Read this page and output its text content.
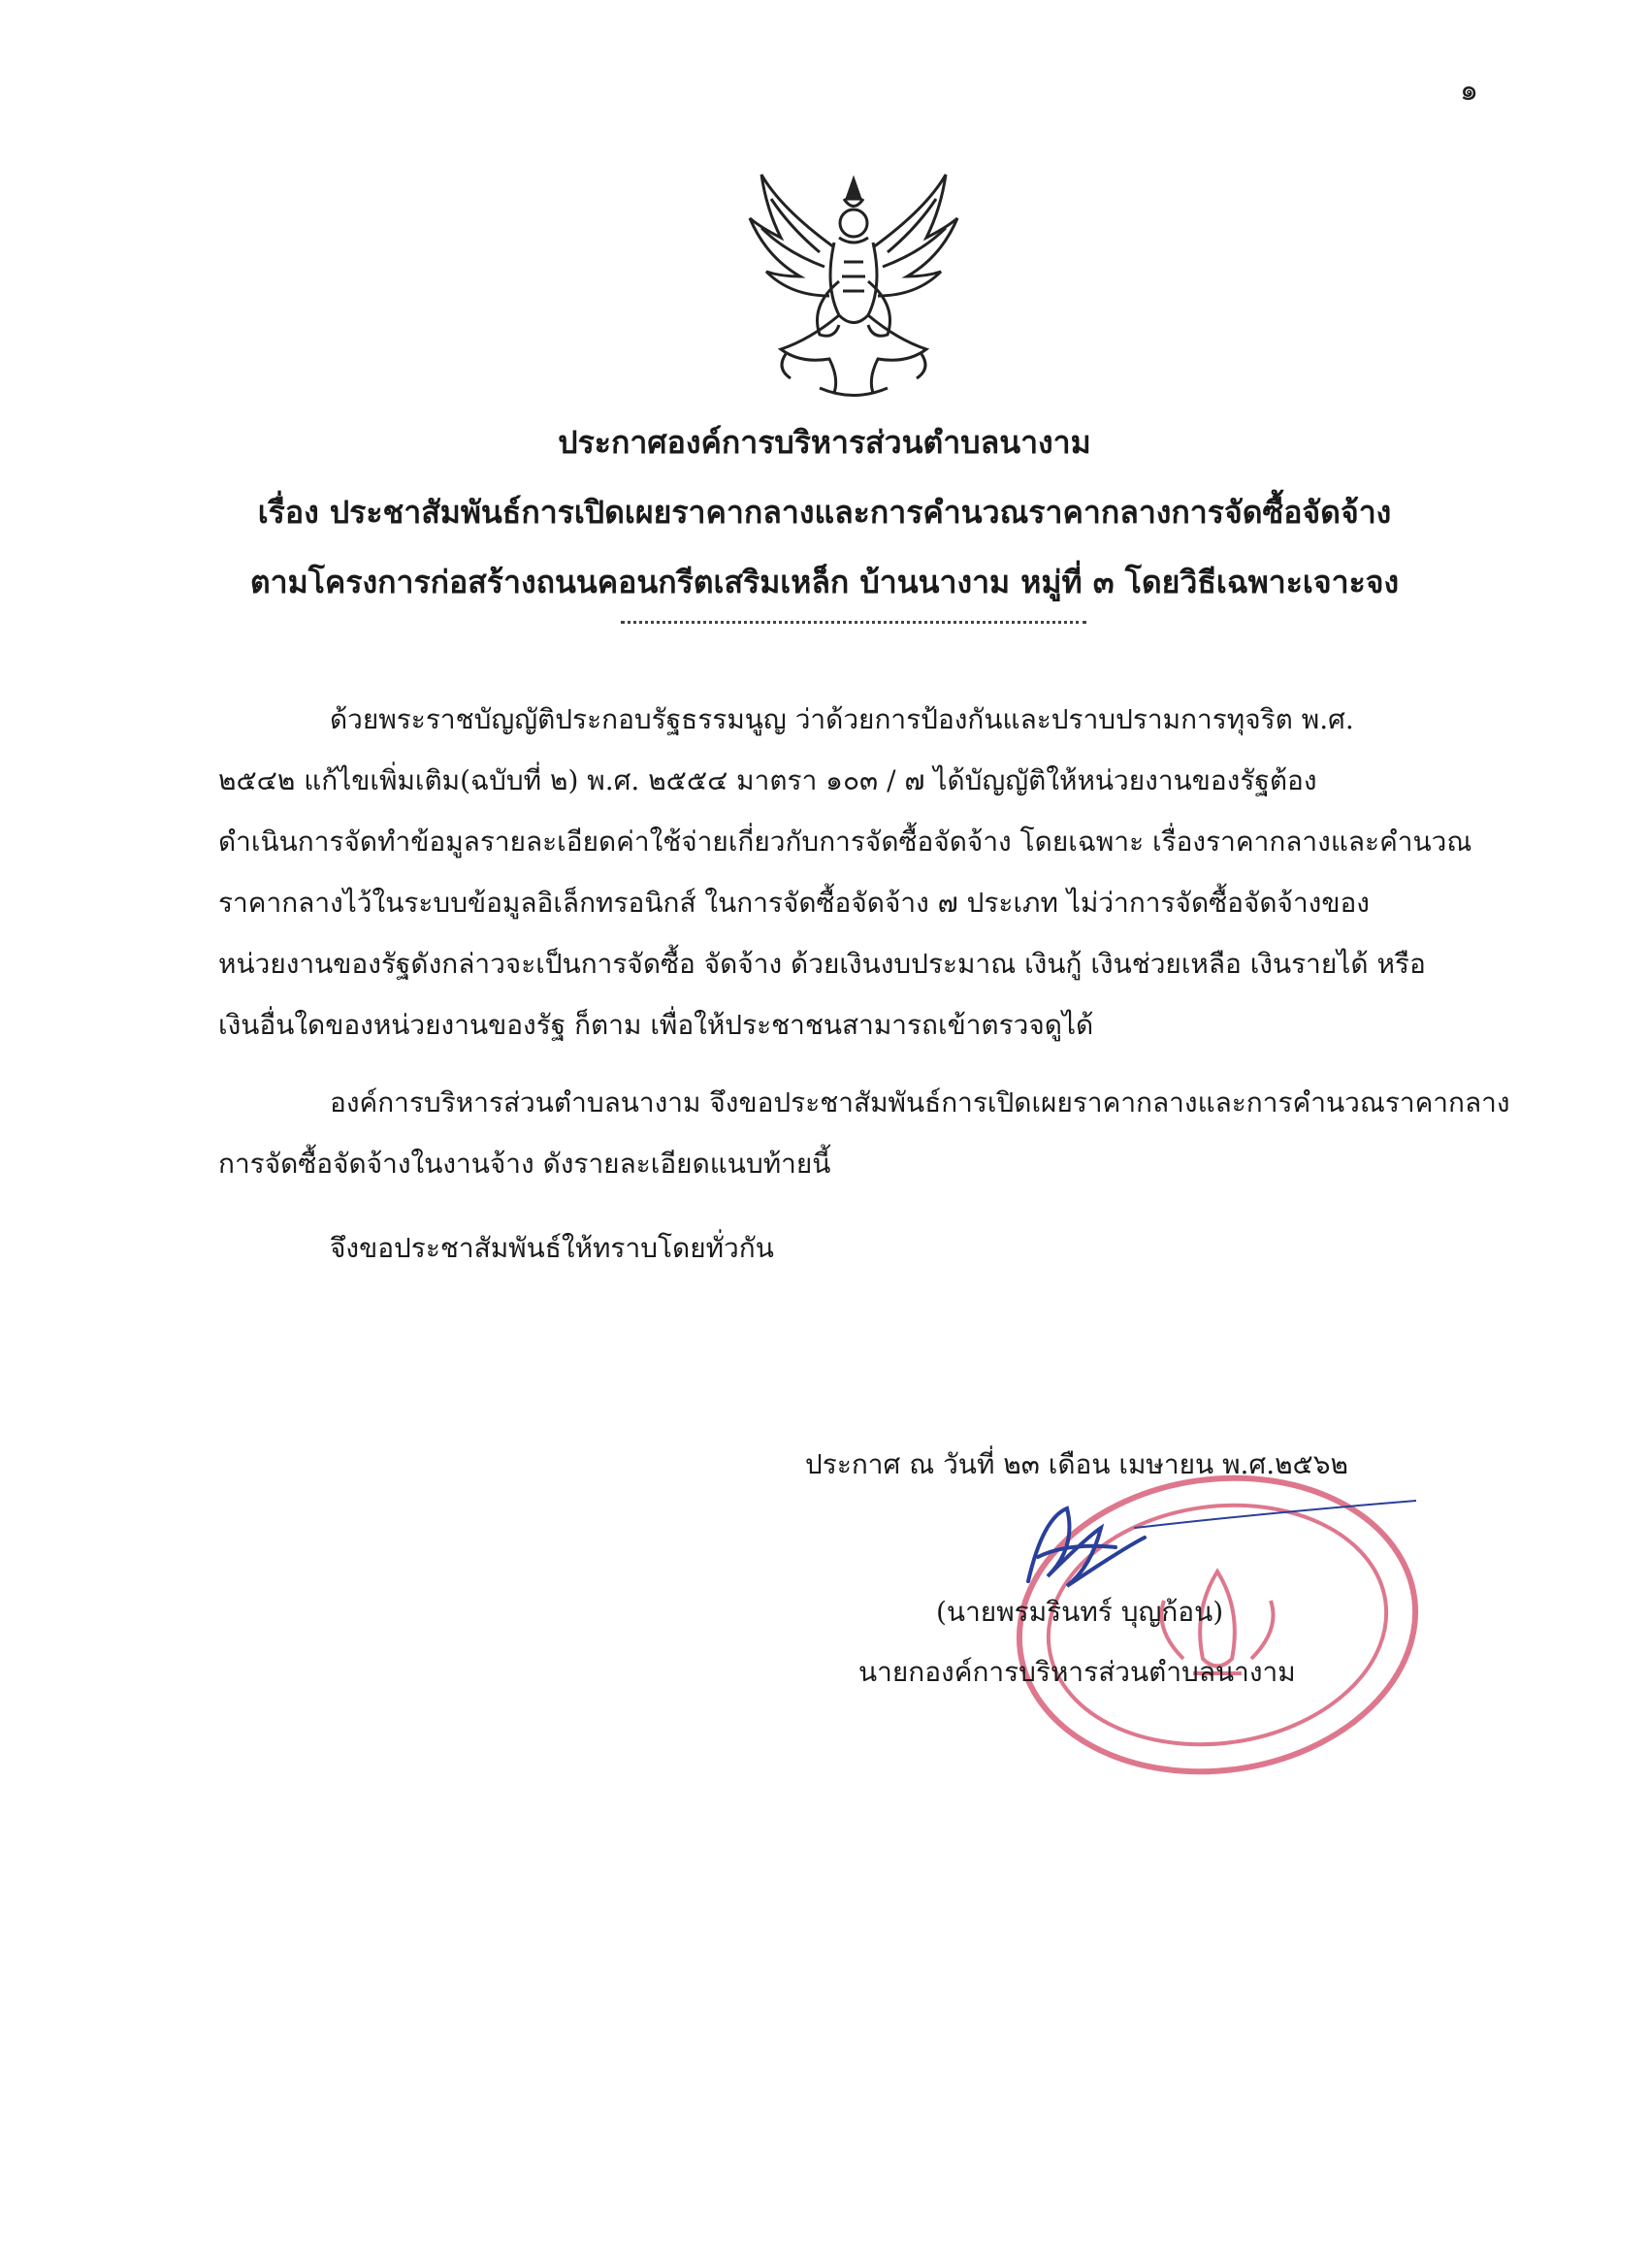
๑
ประกาศองค์การบริหารส่วนตำบลนางาม
เรื่อง ประชาสัมพันธ์การเปิดเผยราคากลางและการคำนวณราคากลางการจัดซื้อจัดจ้าง
ตามโครงการก่อสร้างถนนคอนกรีตเสริมเหล็ก บ้านนางาม หมู่ที่ ๓ โดยวิธีเฉพาะเจาะจง
ด้วยพระราชบัญญัติประกอบรัฐธรรมนูญ ว่าด้วยการป้องกันและปราบปรามการทุจริต พ.ศ.
๒๕๔๒ แก้ไขเพิ่มเติม(ฉบับที่ ๒) พ.ศ. ๒๕๕๔ มาตรา ๑๐๓ / ๗ ได้บัญญัติให้หน่วยงานของรัฐต้อง
ดำเนินการจัดทำข้อมูลรายละเอียดค่าใช้จ่ายเกี่ยวกับการจัดซื้อจัดจ้าง โดยเฉพาะ เรื่องราคากลางและคำนวณ
ราคากลางไว้ในระบบข้อมูลอิเล็กทรอนิกส์ ในการจัดซื้อจัดจ้าง ๗ ประเภท ไม่ว่าการจัดซื้อจัดจ้างของ
หน่วยงานของรัฐดังกล่าวจะเป็นการจัดซื้อ จัดจ้าง ด้วยเงินงบประมาณ เงินกู้ เงินช่วยเหลือ เงินรายได้ หรือ
เงินอื่นใดของหน่วยงานของรัฐ ก็ตาม เพื่อให้ประชาชนสามารถเข้าตรวจดูได้
องค์การบริหารส่วนตำบลนางาม จึงขอประชาสัมพันธ์การเปิดเผยราคากลางและการคำนวณราคากลาง
การจัดซื้อจัดจ้างในงานจ้าง ดังรายละเอียดแนบท้ายนี้
จึงขอประชาสัมพันธ์ให้ทราบโดยทั่วกัน
ประกาศ ณ วันที่ ๒๓ เดือน เมษายน พ.ศ.๒๕๖๒
(นายพรมรินทร์ บุญก้อน)
นายกองค์การบริหารส่วนตำบลนางาม
